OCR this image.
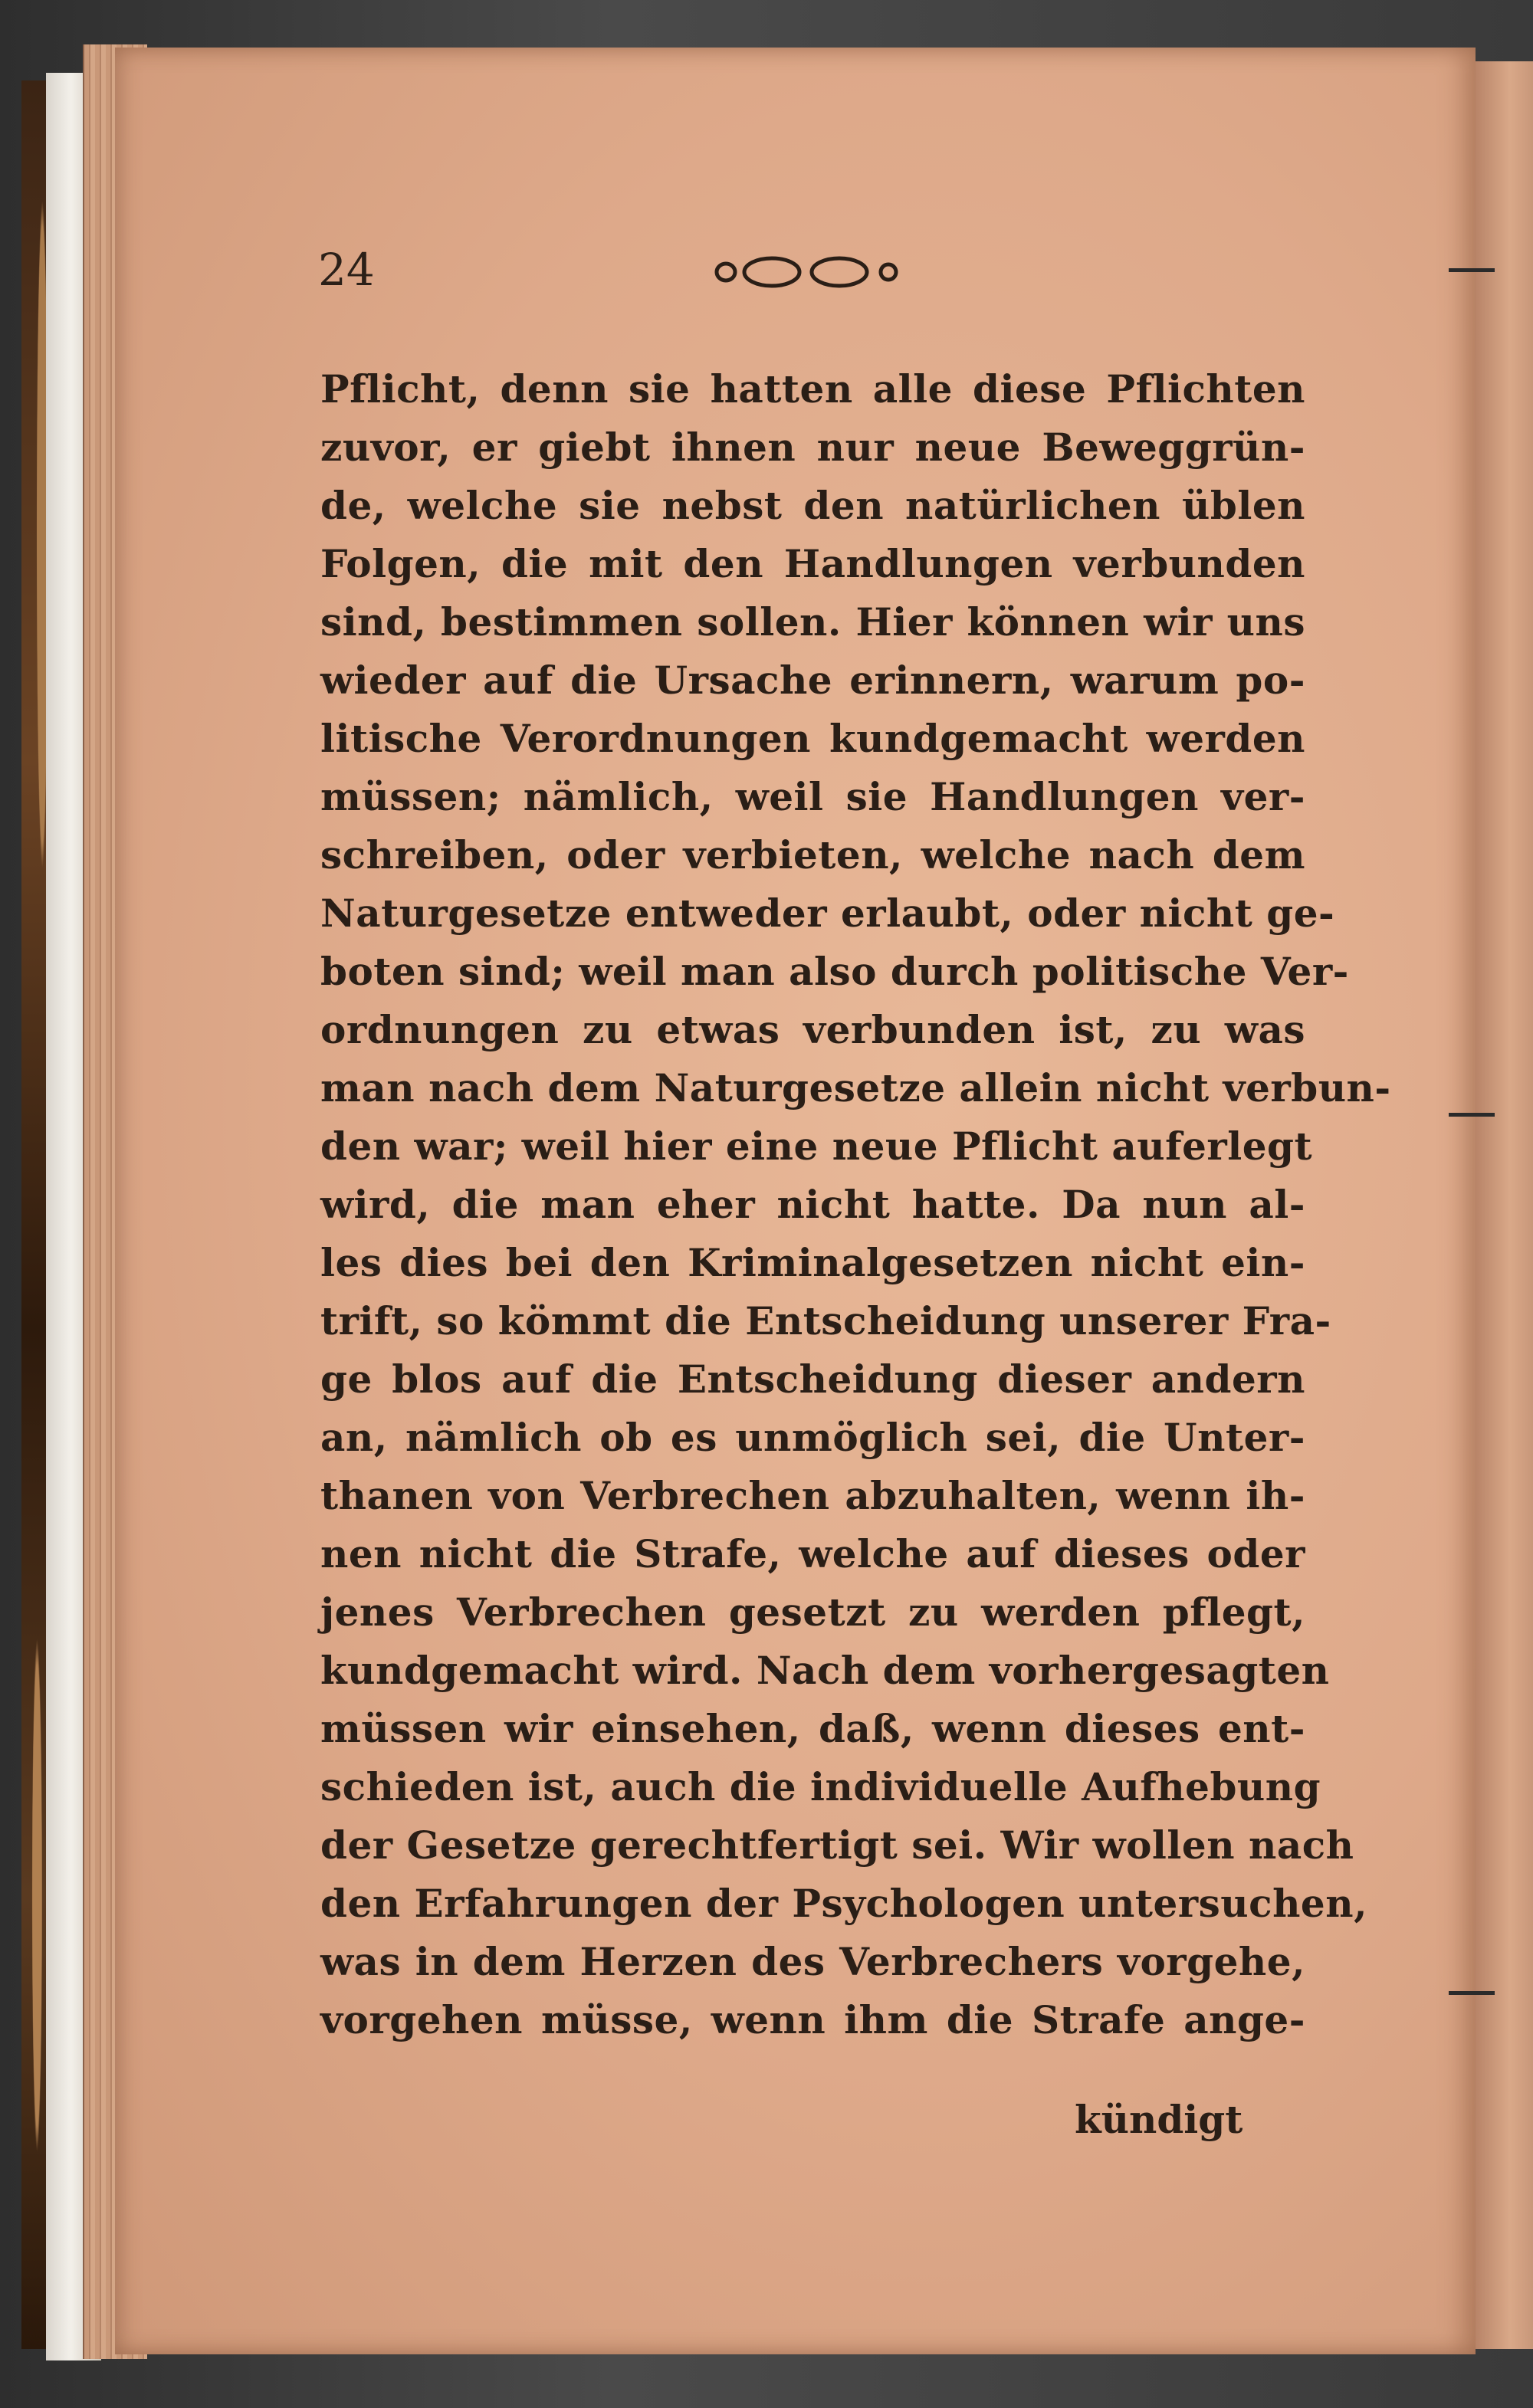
24
Pflicht, denn sie hatten alle diese Pflichten
zuvor, er giebt ihnen nur neue Beweggrün-
de, welche sie nebst den natürlichen üblen
Folgen, die mit den Handlungen verbunden
sind, bestimmen sollen. Hier können wir uns
wieder auf die Ursache erinnern, warum po-
litische Verordnungen kundgemacht werden
müssen; nämlich, weil sie Handlungen ver-
schreiben, oder verbieten, welche nach dem
Naturgesetze entweder erlaubt, oder nicht ge-
boten sind; weil man also durch politische Ver-
ordnungen zu etwas verbunden ist, zu was
man nach dem Naturgesetze allein nicht verbun-
den war; weil hier eine neue Pflicht auferlegt
wird, die man eher nicht hatte. Da nun al-
les dies bei den Kriminalgesetzen nicht ein-
trift, so kömmt die Entscheidung unserer Fra-
ge blos auf die Entscheidung dieser andern
an, nämlich ob es unmöglich sei, die Unter-
thanen von Verbrechen abzuhalten, wenn ih-
nen nicht die Strafe, welche auf dieses oder
jenes Verbrechen gesetzt zu werden pflegt,
kundgemacht wird. Nach dem vorhergesagten
müssen wir einsehen, daß, wenn dieses ent-
schieden ist, auch die individuelle Aufhebung
der Gesetze gerechtfertigt sei. Wir wollen nach
den Erfahrungen der Psychologen untersuchen,
was in dem Herzen des Verbrechers vorgehe,
vorgehen müsse, wenn ihm die Strafe ange-
kündigt
